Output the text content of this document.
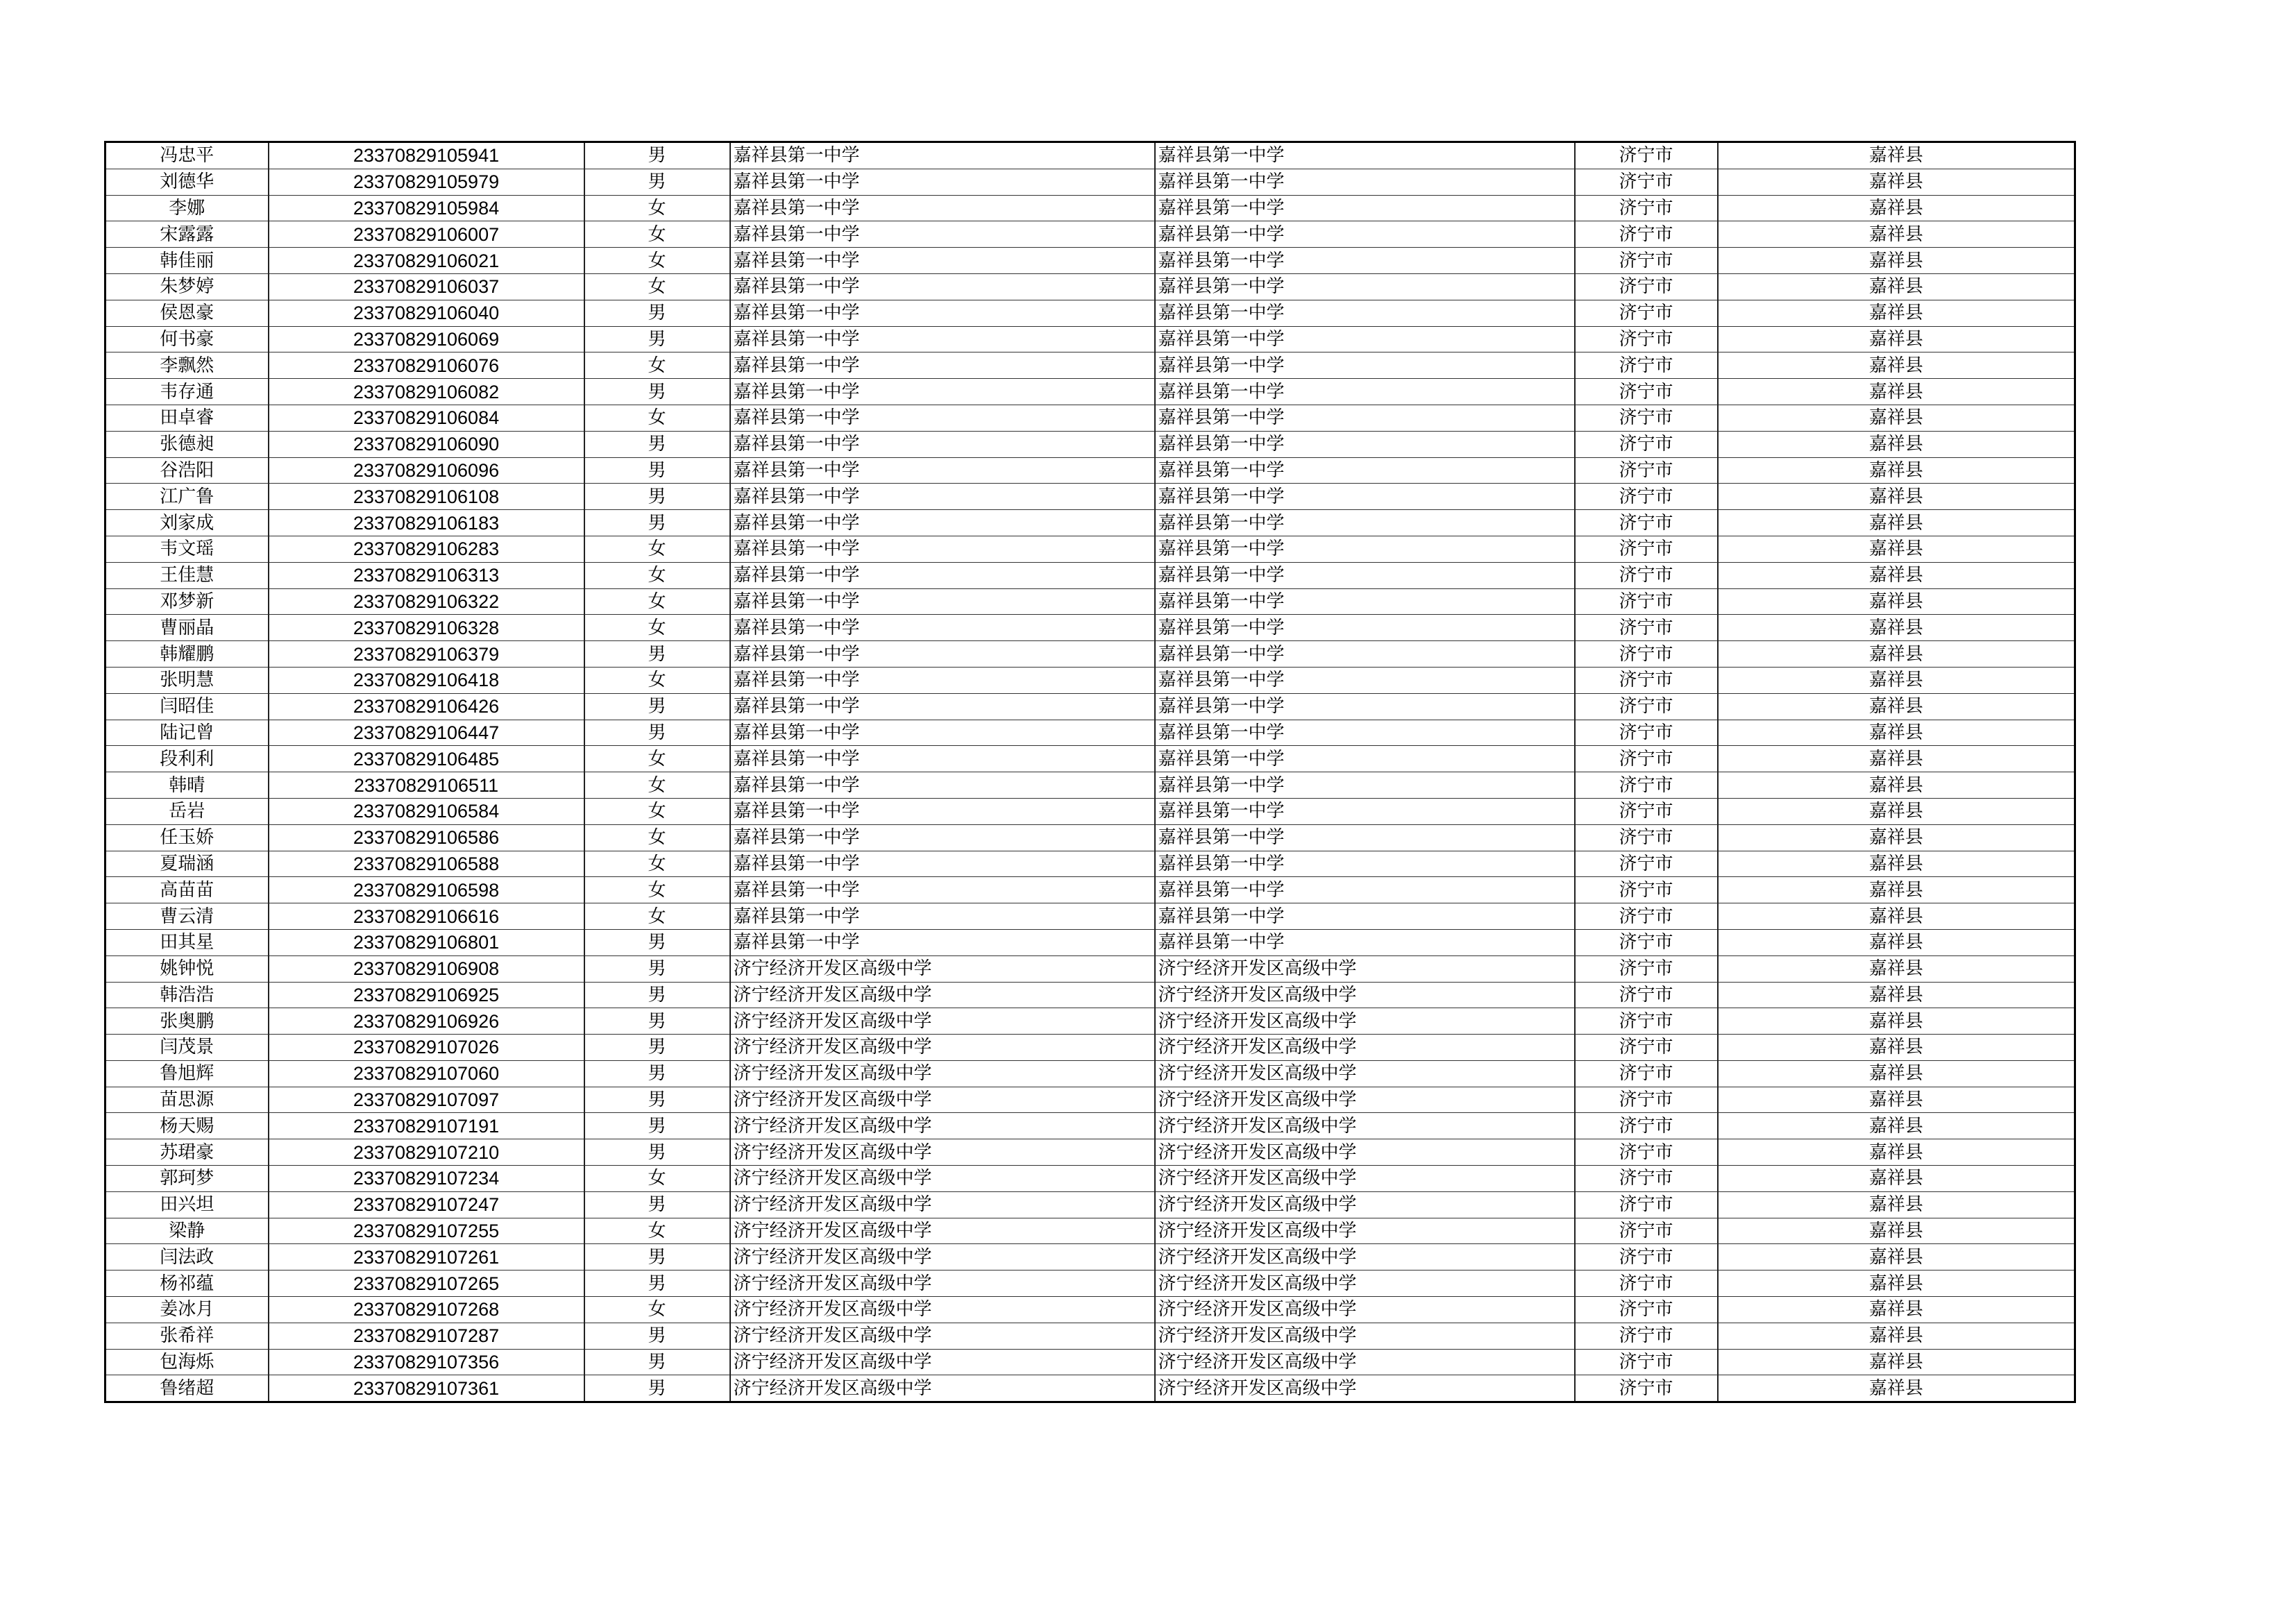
冯忠平	23370829105941	男	嘉祥县第一中学	嘉祥县第一中学	济宁市	嘉祥县
刘德华	23370829105979	男	嘉祥县第一中学	嘉祥县第一中学	济宁市	嘉祥县
李娜	23370829105984	女	嘉祥县第一中学	嘉祥县第一中学	济宁市	嘉祥县
宋露露	23370829106007	女	嘉祥县第一中学	嘉祥县第一中学	济宁市	嘉祥县
韩佳丽	23370829106021	女	嘉祥县第一中学	嘉祥县第一中学	济宁市	嘉祥县
朱梦婷	23370829106037	女	嘉祥县第一中学	嘉祥县第一中学	济宁市	嘉祥县
侯恩豪	23370829106040	男	嘉祥县第一中学	嘉祥县第一中学	济宁市	嘉祥县
何书豪	23370829106069	男	嘉祥县第一中学	嘉祥县第一中学	济宁市	嘉祥县
李飘然	23370829106076	女	嘉祥县第一中学	嘉祥县第一中学	济宁市	嘉祥县
韦存通	23370829106082	男	嘉祥县第一中学	嘉祥县第一中学	济宁市	嘉祥县
田卓睿	23370829106084	女	嘉祥县第一中学	嘉祥县第一中学	济宁市	嘉祥县
张德昶	23370829106090	男	嘉祥县第一中学	嘉祥县第一中学	济宁市	嘉祥县
谷浩阳	23370829106096	男	嘉祥县第一中学	嘉祥县第一中学	济宁市	嘉祥县
江广鲁	23370829106108	男	嘉祥县第一中学	嘉祥县第一中学	济宁市	嘉祥县
刘家成	23370829106183	男	嘉祥县第一中学	嘉祥县第一中学	济宁市	嘉祥县
韦文瑶	23370829106283	女	嘉祥县第一中学	嘉祥县第一中学	济宁市	嘉祥县
王佳慧	23370829106313	女	嘉祥县第一中学	嘉祥县第一中学	济宁市	嘉祥县
邓梦新	23370829106322	女	嘉祥县第一中学	嘉祥县第一中学	济宁市	嘉祥县
曹丽晶	23370829106328	女	嘉祥县第一中学	嘉祥县第一中学	济宁市	嘉祥县
韩耀鹏	23370829106379	男	嘉祥县第一中学	嘉祥县第一中学	济宁市	嘉祥县
张明慧	23370829106418	女	嘉祥县第一中学	嘉祥县第一中学	济宁市	嘉祥县
闫昭佳	23370829106426	男	嘉祥县第一中学	嘉祥县第一中学	济宁市	嘉祥县
陆记曾	23370829106447	男	嘉祥县第一中学	嘉祥县第一中学	济宁市	嘉祥县
段利利	23370829106485	女	嘉祥县第一中学	嘉祥县第一中学	济宁市	嘉祥县
韩晴	23370829106511	女	嘉祥县第一中学	嘉祥县第一中学	济宁市	嘉祥县
岳岩	23370829106584	女	嘉祥县第一中学	嘉祥县第一中学	济宁市	嘉祥县
任玉娇	23370829106586	女	嘉祥县第一中学	嘉祥县第一中学	济宁市	嘉祥县
夏瑞涵	23370829106588	女	嘉祥县第一中学	嘉祥县第一中学	济宁市	嘉祥县
高苗苗	23370829106598	女	嘉祥县第一中学	嘉祥县第一中学	济宁市	嘉祥县
曹云清	23370829106616	女	嘉祥县第一中学	嘉祥县第一中学	济宁市	嘉祥县
田其星	23370829106801	男	嘉祥县第一中学	嘉祥县第一中学	济宁市	嘉祥县
姚钟悦	23370829106908	男	济宁经济开发区高级中学	济宁经济开发区高级中学	济宁市	嘉祥县
韩浩浩	23370829106925	男	济宁经济开发区高级中学	济宁经济开发区高级中学	济宁市	嘉祥县
张奥鹏	23370829106926	男	济宁经济开发区高级中学	济宁经济开发区高级中学	济宁市	嘉祥县
闫茂景	23370829107026	男	济宁经济开发区高级中学	济宁经济开发区高级中学	济宁市	嘉祥县
鲁旭辉	23370829107060	男	济宁经济开发区高级中学	济宁经济开发区高级中学	济宁市	嘉祥县
苗思源	23370829107097	男	济宁经济开发区高级中学	济宁经济开发区高级中学	济宁市	嘉祥县
杨天赐	23370829107191	男	济宁经济开发区高级中学	济宁经济开发区高级中学	济宁市	嘉祥县
苏珺豪	23370829107210	男	济宁经济开发区高级中学	济宁经济开发区高级中学	济宁市	嘉祥县
郭珂梦	23370829107234	女	济宁经济开发区高级中学	济宁经济开发区高级中学	济宁市	嘉祥县
田兴坦	23370829107247	男	济宁经济开发区高级中学	济宁经济开发区高级中学	济宁市	嘉祥县
梁静	23370829107255	女	济宁经济开发区高级中学	济宁经济开发区高级中学	济宁市	嘉祥县
闫法政	23370829107261	男	济宁经济开发区高级中学	济宁经济开发区高级中学	济宁市	嘉祥县
杨祁蕴	23370829107265	男	济宁经济开发区高级中学	济宁经济开发区高级中学	济宁市	嘉祥县
姜冰月	23370829107268	女	济宁经济开发区高级中学	济宁经济开发区高级中学	济宁市	嘉祥县
张希祥	23370829107287	男	济宁经济开发区高级中学	济宁经济开发区高级中学	济宁市	嘉祥县
包海烁	23370829107356	男	济宁经济开发区高级中学	济宁经济开发区高级中学	济宁市	嘉祥县
鲁绪超	23370829107361	男	济宁经济开发区高级中学	济宁经济开发区高级中学	济宁市	嘉祥县
